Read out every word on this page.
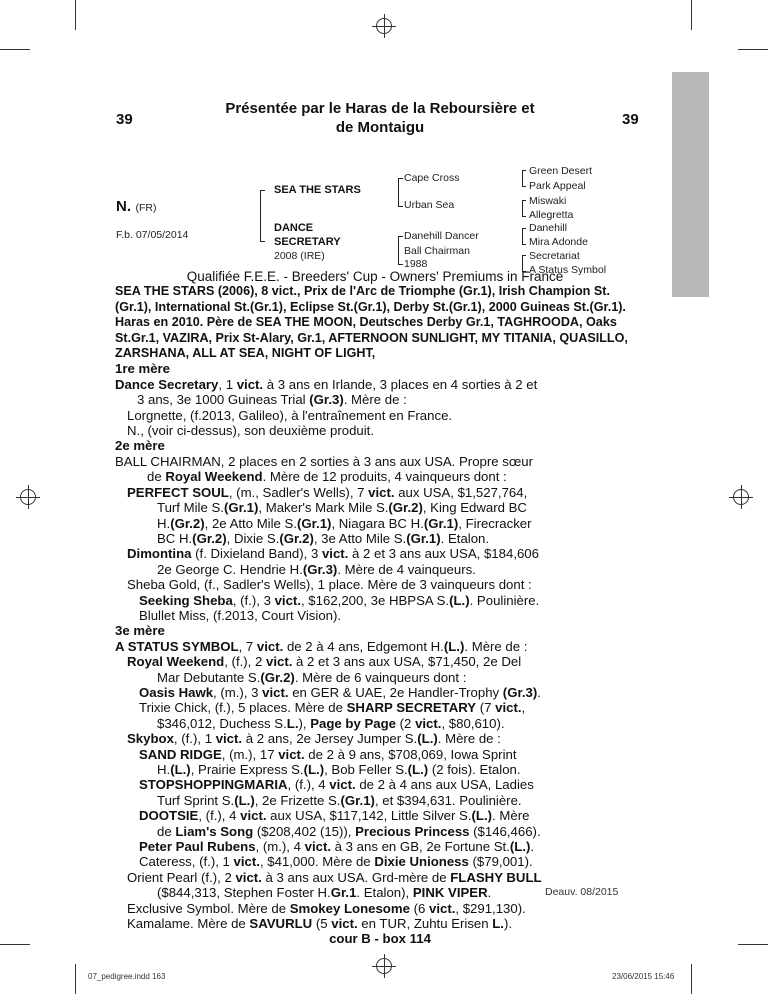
39	39
Présentée par le Haras de la Reboursière et
de Montaigu
N. (FR)
F.b. 07/05/2014
SEA THE STARS
DANCE
SECRETARY
2008 (IRE)
Cape Cross
Urban Sea
Danehill Dancer
Ball Chairman
1988
Green Desert
Park Appeal
Miswaki
Allegretta
Danehill
Mira Adonde
Secretariat
A Status Symbol

Qualifiée F.E.E. - Breeders' Cup - Owners' Premiums in France

SEA THE STARS (2006), 8 vict., Prix de l'Arc de Triomphe (Gr.1), Irish Champion St.(Gr.1), International St.(Gr.1), Eclipse St.(Gr.1), Derby St.(Gr.1), 2000 Guineas St.(Gr.1). Haras en 2010. Père de SEA THE MOON, Deutsches Derby Gr.1, TAGHROODA, Oaks St.Gr.1, VAZIRA, Prix St-Alary, Gr.1, AFTERNOON SUNLIGHT, MY TITANIA, QUASILLO, ZARSHANA, ALL AT SEA, NIGHT OF LIGHT,

1re mère

Dance Secretary, 1 vict. à 3 ans en Irlande, 3 places en 4 sorties à 2 et

3 ans, 3e 1000 Guineas Trial (Gr.3). Mère de :

Lorgnette, (f.2013, Galileo), à l'entraînement en France.

N., (voir ci-dessus), son deuxième produit.

2e mère

BALL CHAIRMAN, 2 places en 2 sorties à 3 ans aux USA. Propre sœur

de Royal Weekend. Mère de 12 produits, 4 vainqueurs dont :

PERFECT SOUL, (m., Sadler's Wells), 7 vict. aux USA, $1,527,764,

Turf Mile S.(Gr.1), Maker's Mark Mile S.(Gr.2), King Edward BC

H.(Gr.2), 2e Atto Mile S.(Gr.1), Niagara BC H.(Gr.1), Firecracker

BC H.(Gr.2), Dixie S.(Gr.2), 3e Atto Mile S.(Gr.1). Etalon.

Dimontina (f. Dixieland Band), 3 vict. à 2 et 3 ans aux USA, $184,606

2e George C. Hendrie H.(Gr.3). Mère de 4 vainqueurs.

Sheba Gold, (f., Sadler's Wells), 1 place. Mère de 3 vainqueurs dont :

Seeking Sheba, (f.), 3 vict., $162,200, 3e HBPSA S.(L.). Poulinière.

Blullet Miss, (f.2013, Court Vision).

3e mère

A STATUS SYMBOL, 7 vict. de 2 à 4 ans, Edgemont H.(L.). Mère de :

Royal Weekend, (f.), 2 vict. à 2 et 3 ans aux USA, $71,450, 2e Del

Mar Debutante S.(Gr.2). Mère de 6 vainqueurs dont :

Oasis Hawk, (m.), 3 vict. en GER & UAE, 2e Handler-Trophy (Gr.3).

Trixie Chick, (f.), 5 places. Mère de SHARP SECRETARY (7 vict.,

$346,012, Duchess S.L.), Page by Page (2 vict., $80,610).

Skybox, (f.), 1 vict. à 2 ans, 2e Jersey Jumper S.(L.). Mère de :

SAND RIDGE, (m.), 17 vict. de 2 à 9 ans, $708,069, Iowa Sprint

H.(L.), Prairie Express S.(L.), Bob Feller S.(L.) (2 fois). Etalon.

STOPSHOPPINGMARIA, (f.), 4 vict. de 2 à 4 ans aux USA, Ladies

Turf Sprint S.(L.), 2e Frizette S.(Gr.1), et $394,631. Poulinière.

DOOTSIE, (f.), 4 vict. aux USA, $117,142, Little Silver S.(L.). Mère

de Liam's Song ($208,402 (15)), Precious Princess ($146,466).

Peter Paul Rubens, (m.), 4 vict. à 3 ans en GB, 2e Fortune St.(L.).

Cateress, (f.), 1 vict., $41,000. Mère de Dixie Unioness ($79,001).

Orient Pearl (f.), 2 vict. à 3 ans aux USA. Grd-mère de FLASHY BULL

($844,313, Stephen Foster H.Gr.1. Etalon), PINK VIPER.

Exclusive Symbol. Mère de Smokey Lonesome (6 vict., $291,130).

Kamalame. Mère de SAVURLU (5 vict. en TUR, Zuhtu Erisen L.).

cour B - box 114

Deauv. 08/2015
07_pedigree.indd 163	23/06/2015 15:46
